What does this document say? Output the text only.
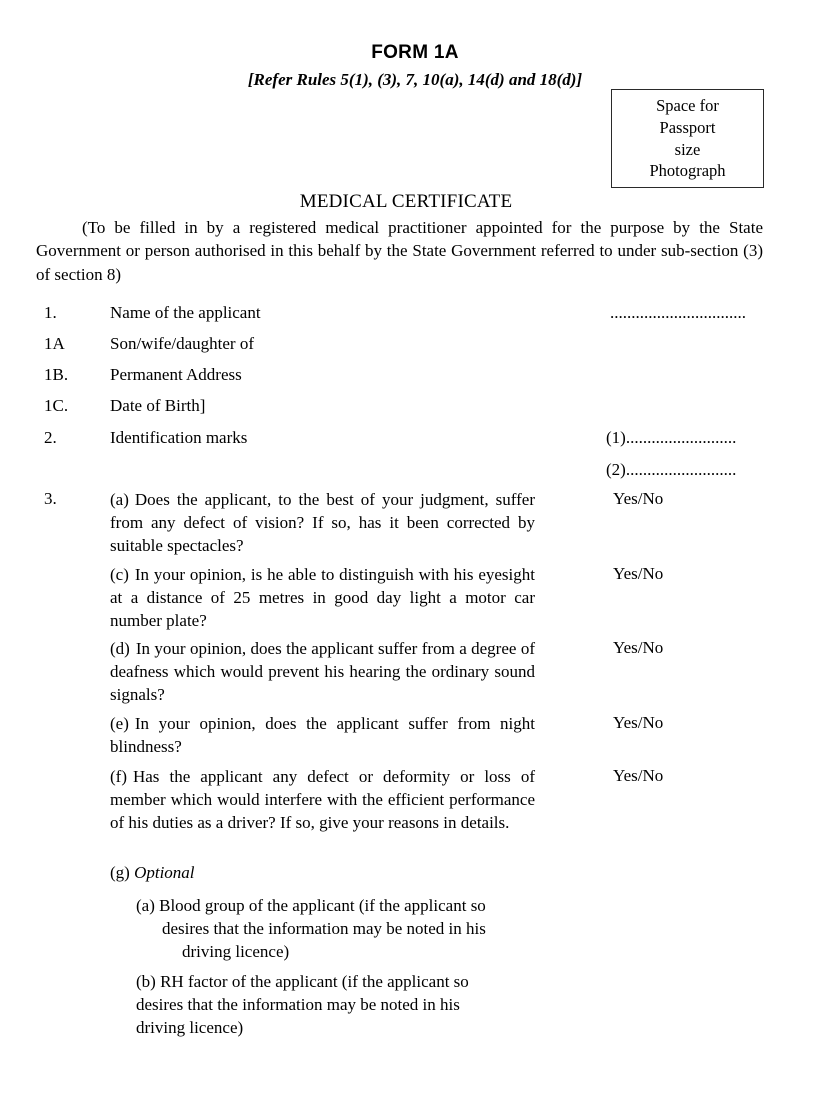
FORM 1A
[Refer Rules 5(1), (3), 7, 10(a), 14(d) and 18(d)]
Space for
Passport
size
Photograph
MEDICAL CERTIFICATE
(To be filled in by a registered medical practitioner appointed for the purpose by the State Government or person authorised in this behalf by the State Government referred to under sub-section (3) of section 8)
1.	Name of the applicant	................................
1A	Son/wife/daughter of
1B.	Permanent Address
1C.	Date of Birth]
2.	Identification marks	(1)..........................
(2)..........................
3.	(a) Does the applicant, to the best of your judgment, suffer from any defect of vision? If so, has it been corrected by suitable spectacles?
Yes/No
(c) In your opinion, is he able to distinguish with his eyesight at a distance of 25 metres in good day light a motor car number plate?
Yes/No
(d) In your opinion, does the applicant suffer from a degree of deafness which would prevent his hearing the ordinary sound signals?
Yes/No
(e) In your opinion, does the applicant suffer from night blindness?
Yes/No
(f) Has the applicant any defect or deformity or loss of member which would interfere with the efficient performance of his duties as a driver? If so, give your reasons in details.
Yes/No
(g) Optional
(a) Blood group of the applicant (if the applicant so
desires that the information may be noted in his
driving licence)
(b) RH factor of the applicant (if the applicant so
desires that the information may be noted in his
driving licence)
